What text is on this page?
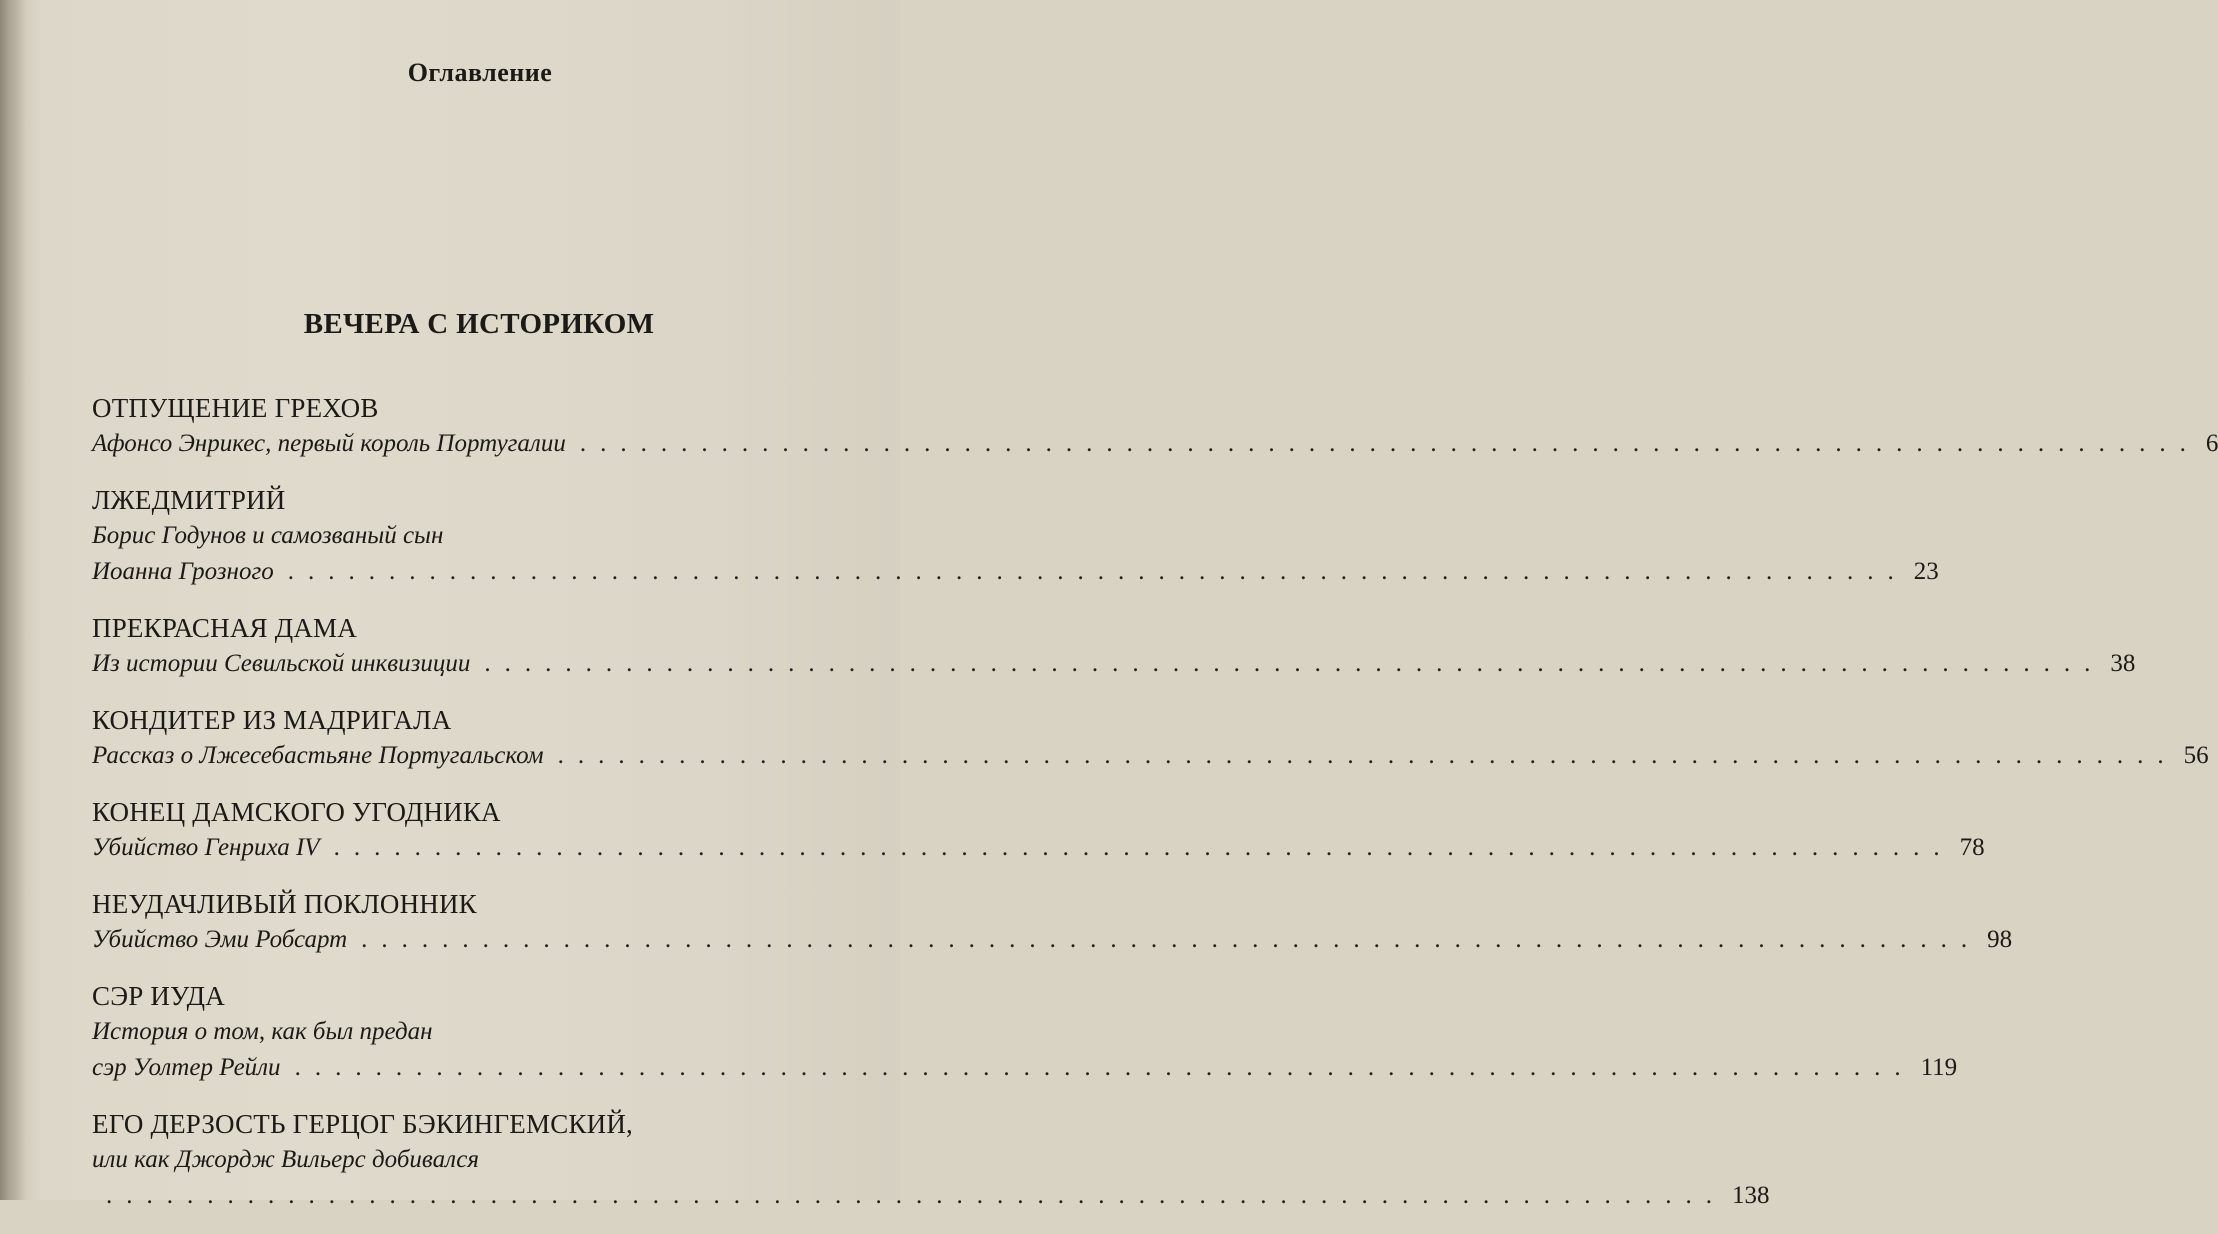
Оглавление
ВЕЧЕРА С ИСТОРИКОМ
ОТПУЩЕНИЕ ГРЕХОВ
Афонсо Энрикес, первый король Португалии ................................................................................ 6
ЛЖЕДМИТРИЙ
Борис Годунов и самозваный сын
Иоанна Грозного ................................................................................ 23
ПРЕКРАСНАЯ ДАМА
Из истории Севильской инквизиции ................................................................................ 38
КОНДИТЕР ИЗ МАДРИГАЛА
Рассказ о Лжесебастьяне Португальском ................................................................................ 56
КОНЕЦ ДАМСКОГО УГОДНИКА
Убийство Генриха IV ................................................................................ 78
НЕУДАЧЛИВЫЙ ПОКЛОННИК
Убийство Эми Робсарт ................................................................................ 98
СЭР ИУДА
История о том, как был предан
сэр Уолтер Рейли ................................................................................ 119
ЕГО ДЕРЗОСТЬ ГЕРЦОГ БЭКИНГЕМСКИЙ,
или как Джордж Вильерс добивался
................................................................................ 138
